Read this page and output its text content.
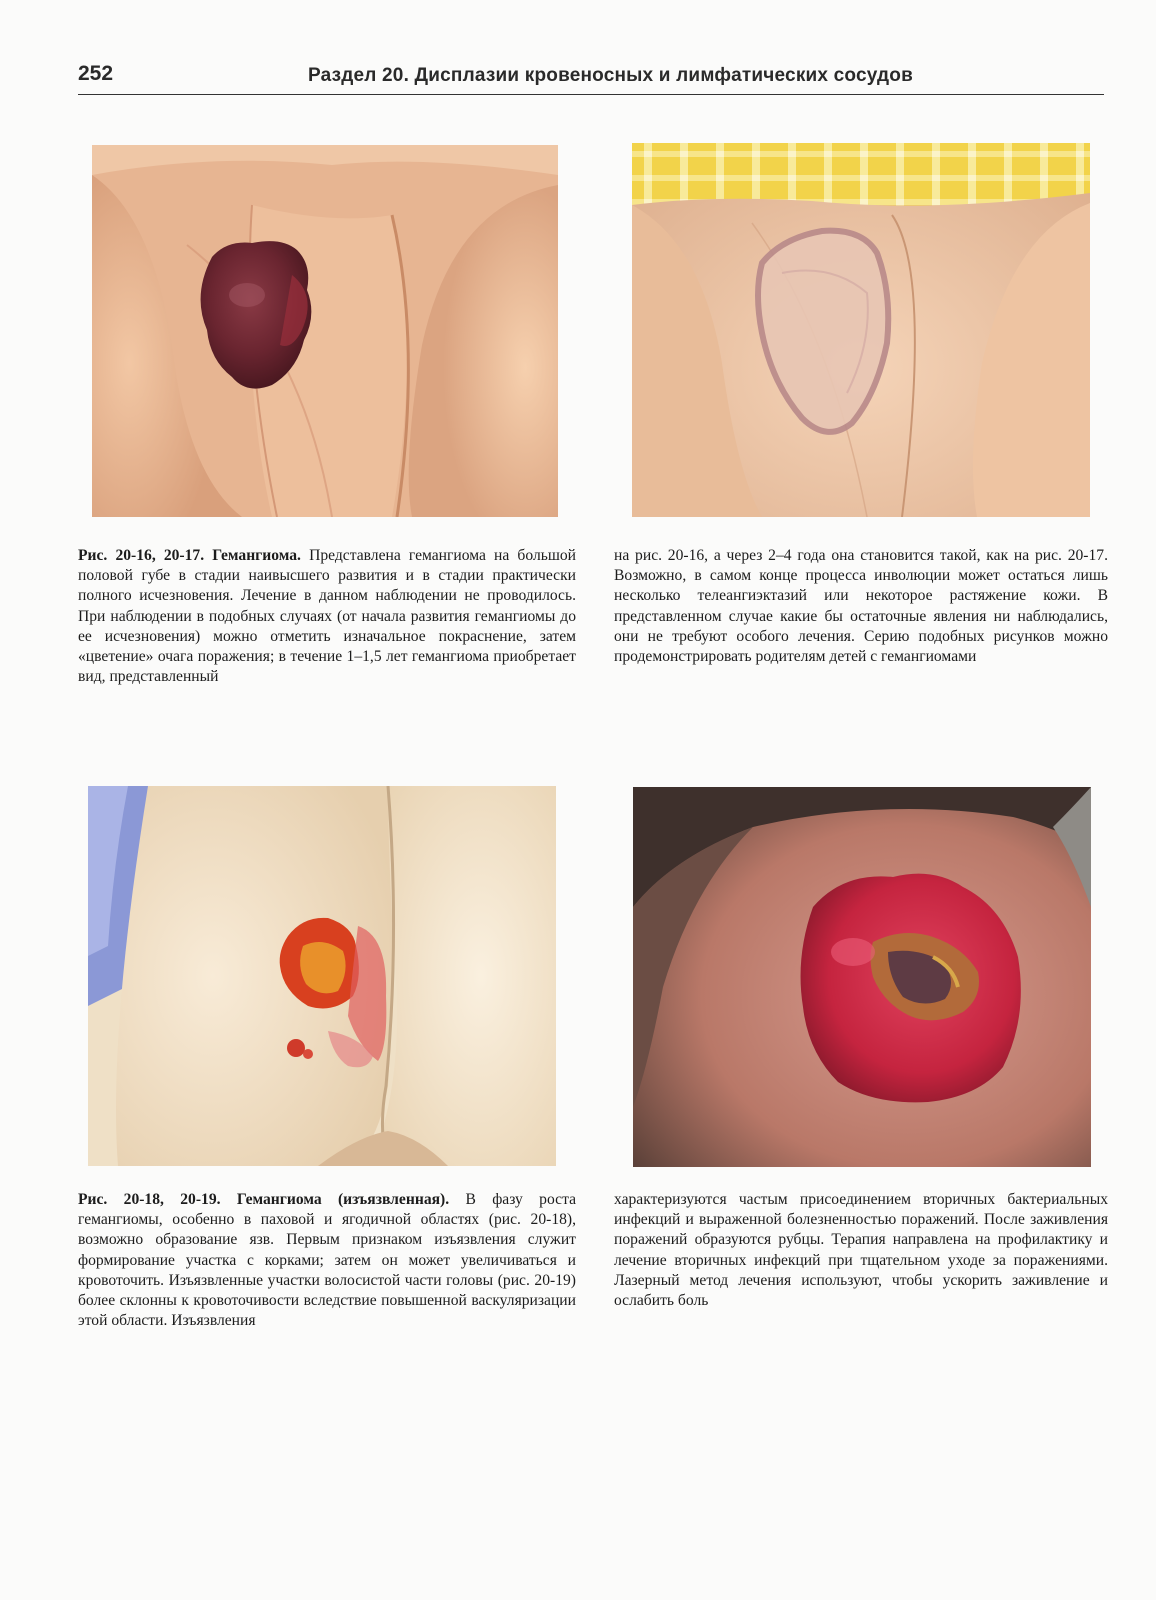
252	Раздел 20. Дисплазии кровеносных и лимфатических сосудов
Рис. 20-16, 20-17. Гемангиома. Представлена гемангиома на большой половой губе в стадии наивысшего развития и в стадии практически полного исчезновения. Лечение в данном наблюдении не проводилось. При наблюдении в подобных случаях (от начала развития гемангиомы до ее исчезновения) можно отметить изначальное покраснение, затем «цветение» очага поражения; в течение 1–1,5 лет гемангиома приобретает вид, представленный
на рис. 20-16, а через 2–4 года она становится такой, как на рис. 20-17. Возможно, в самом конце процесса инволюции может остаться лишь несколько телеангиэктазий или некоторое растяжение кожи. В представленном случае какие бы остаточные явления ни наблюдались, они не требуют особого лечения. Серию подобных рисунков можно продемонстрировать родителям детей с гемангиомами
Рис. 20-18, 20-19. Гемангиома (изъязвленная). В фазу роста гемангиомы, особенно в паховой и ягодичной областях (рис. 20-18), возможно образование язв. Первым признаком изъязвления служит формирование участка с корками; затем он может увеличиваться и кровоточить. Изъязвленные участки волосистой части головы (рис. 20-19) более склонны к кровоточивости вследствие повышенной васкуляризации этой области. Изъязвления
характеризуются частым присоединением вторичных бактериальных инфекций и выраженной болезненностью поражений. После заживления поражений образуются рубцы. Терапия направлена на профилактику и лечение вторичных инфекций при тщательном уходе за поражениями. Лазерный метод лечения используют, чтобы ускорить заживление и ослабить боль
